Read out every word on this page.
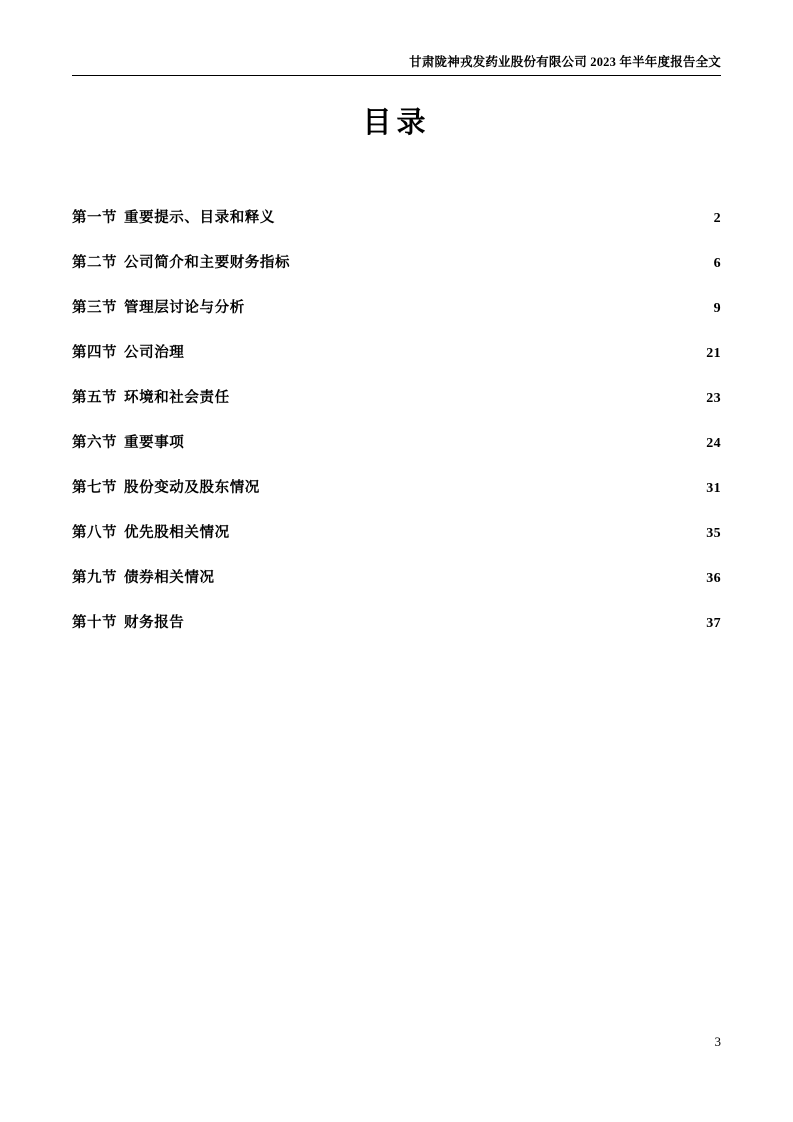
甘肃陇神戎发药业股份有限公司 2023 年半年度报告全文
目录
第一节 重要提示、目录和释义 .....	2
第二节 公司简介和主要财务指标 .....	6
第三节 管理层讨论与分析 .....	9
第四节 公司治理 .....	21
第五节 环境和社会责任 .....	23
第六节 重要事项 .....	24
第七节 股份变动及股东情况 .....	31
第八节 优先股相关情况 .....	35
第九节 债券相关情况 .....	36
第十节 财务报告 .....	37
3
